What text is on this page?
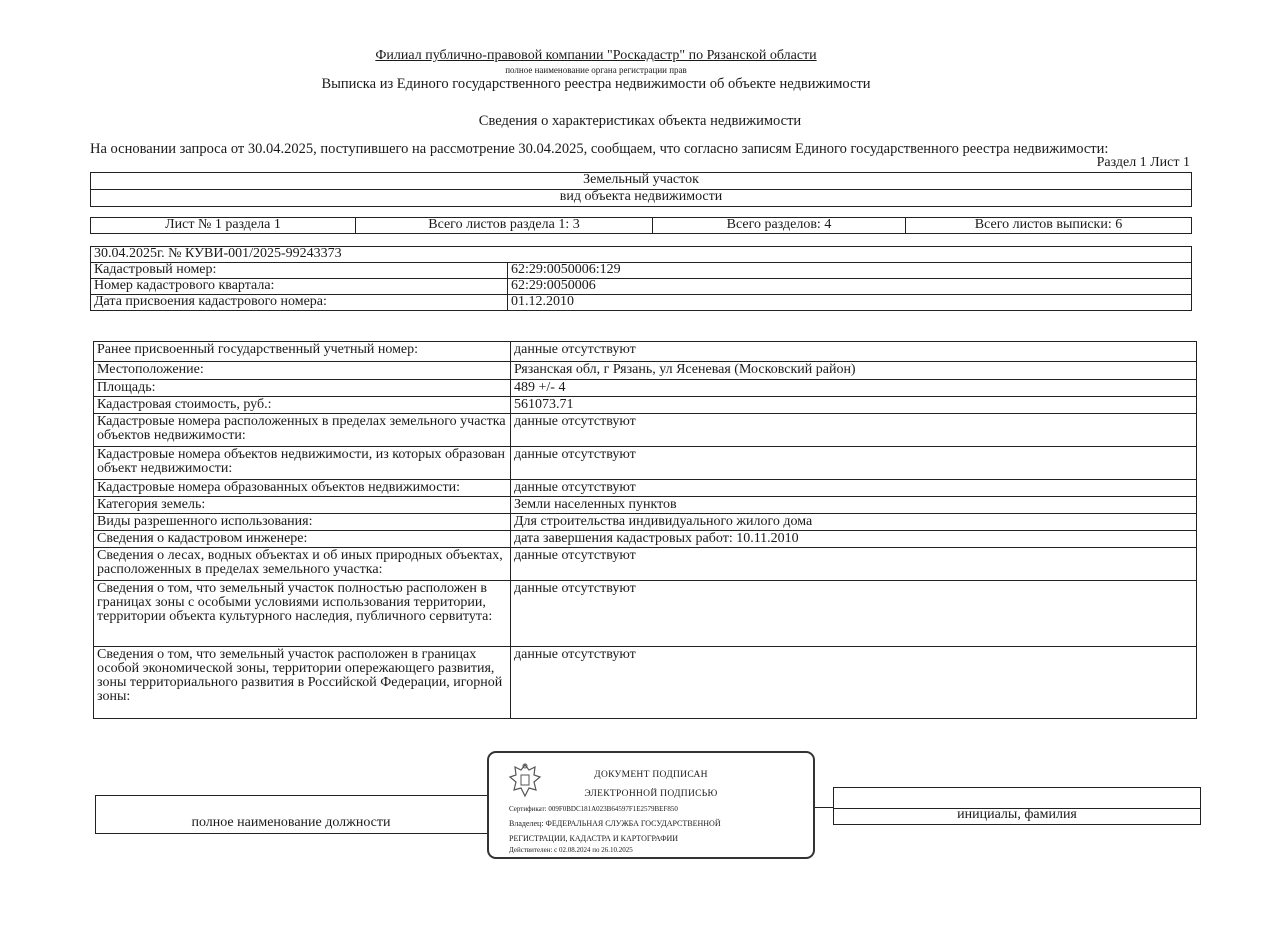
Филиал публично-правовой компании "Роскадастр" по Рязанской области
полное наименование органа регистрации прав
Выписка из Единого государственного реестра недвижимости об объекте недвижимости
Сведения о характеристиках объекта недвижимости
На основании запроса от 30.04.2025, поступившего на рассмотрение 30.04.2025, сообщаем, что согласно записям Единого государственного реестра недвижимости:
Раздел 1 Лист 1
Земельный участок
вид объекта недвижимости
Лист № 1 раздела 1	Всего листов раздела 1: 3	Всего разделов: 4	Всего листов выписки: 6
30.04.2025г. № КУВИ-001/2025-99243373	
Кадастровый номер:	62:29:0050006:129
Номер кадастрового квартала:	62:29:0050006
Дата присвоения кадастрового номера:	01.12.2010
Ранее присвоенный государственный учетный номер:	данные отсутствуют
Местоположение:	Рязанская обл, г Рязань, ул Ясеневая (Московский район)
Площадь:	489 +/- 4
Кадастровая стоимость, руб.:	561073.71
Кадастровые номера расположенных в пределах земельного участка объектов недвижимости:	данные отсутствуют
Кадастровые номера объектов недвижимости, из которых образован объект недвижимости:	данные отсутствуют
Кадастровые номера образованных объектов недвижимости:	данные отсутствуют
Категория земель:	Земли населенных пунктов
Виды разрешенного использования:	Для строительства индивидуального жилого дома
Сведения о кадастровом инженере:	дата завершения кадастровых работ: 10.11.2010
Сведения о лесах, водных объектах и об иных природных объектах, расположенных в пределах земельного участка:	данные отсутствуют
Сведения о том, что земельный участок полностью расположен в границах зоны с особыми условиями использования территории, территории объекта культурного наследия, публичного сервитута:	данные отсутствуют
Сведения о том, что земельный участок расположен в границах особой экономической зоны, территории опережающего развития, зоны территориального развития в Российской Федерации, игорной зоны:	данные отсутствуют
полное наименование должности
инициалы, фамилия
ДОКУМЕНТ ПОДПИСАН
ЭЛЕКТРОННОЙ ПОДПИСЬЮ
Сертификат: 009F0BDC181A023B64597F1E2579BEF850
Владелец: ФЕДЕРАЛЬНАЯ СЛУЖБА ГОСУДАРСТВЕННОЙ
РЕГИСТРАЦИИ, КАДАСТРА И КАРТОГРАФИИ
Действителен: с 02.08.2024 по 26.10.2025
